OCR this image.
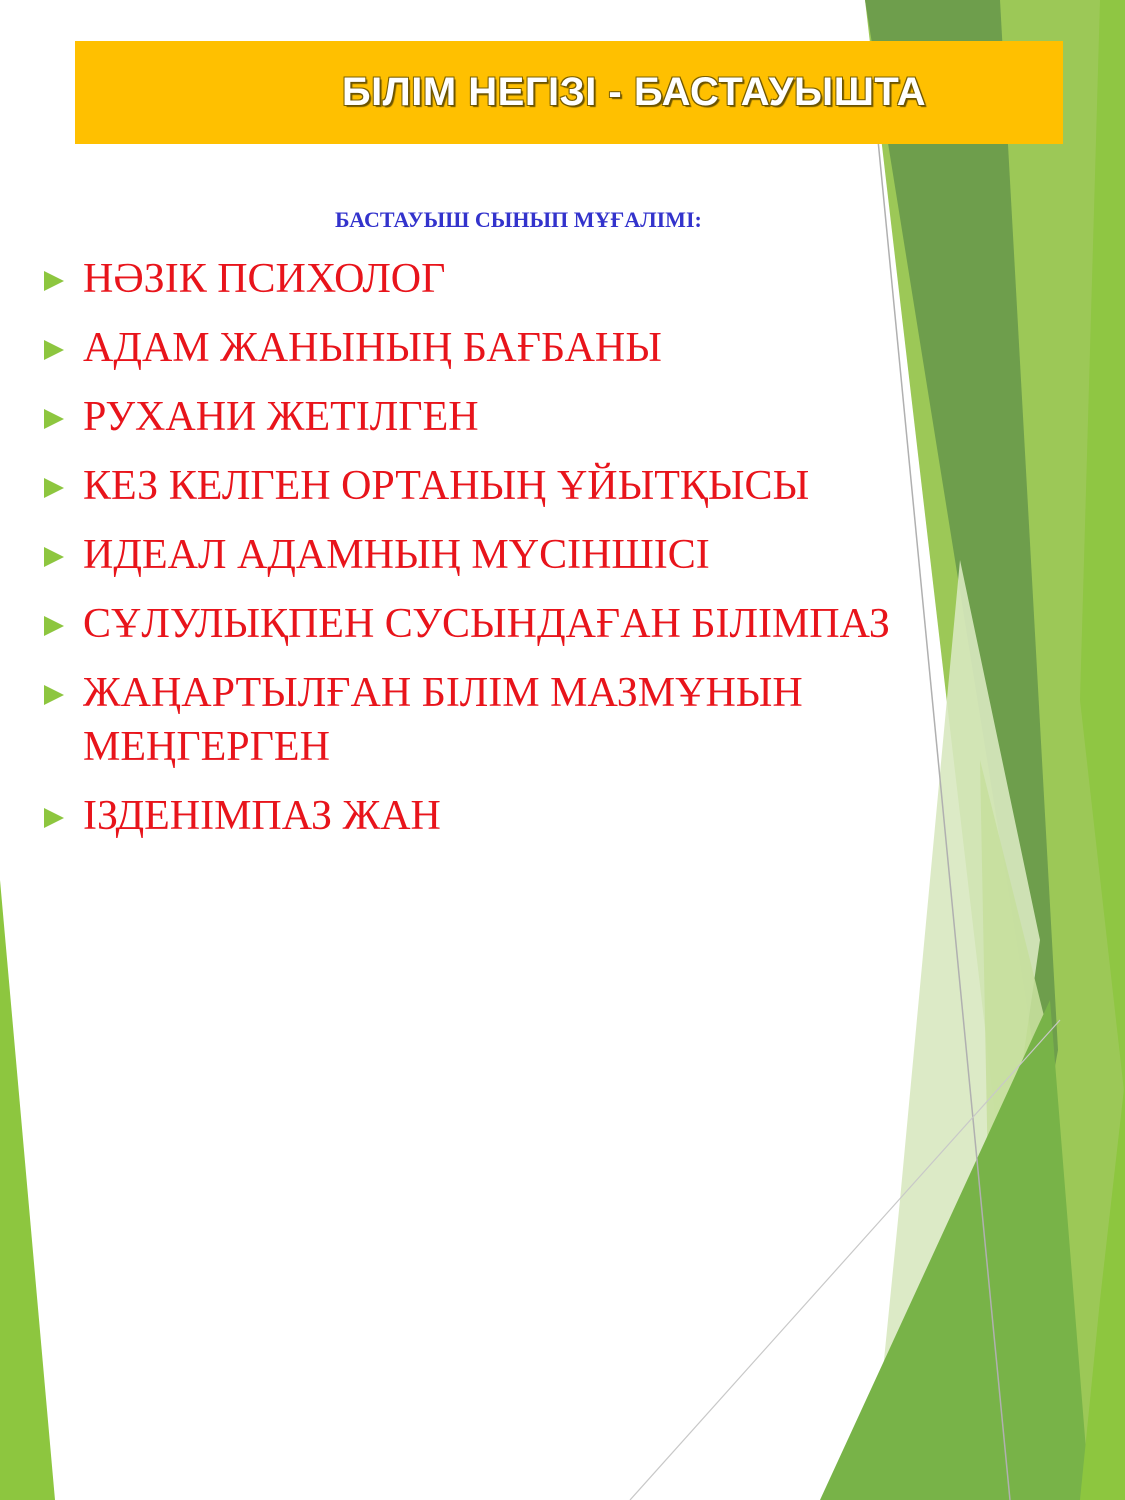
БІЛІМ НЕГІЗІ - БАСТАУЫШТА
БАСТАУЫШ СЫНЫП МҰҒАЛІМІ:
НӘЗІК ПСИХОЛОГ
АДАМ ЖАНЫНЫҢ БАҒБАНЫ
РУХАНИ ЖЕТІЛГЕН
КЕЗ КЕЛГЕН ОРТАНЫҢ ҰЙЫТҚЫСЫ
ИДЕАЛ АДАМНЫҢ МҮСІНШІСІ
СҰЛУЛЫҚПЕН СУСЫНДАҒАН БІЛІМПАЗ
ЖАҢАРТЫЛҒАН БІЛІМ МАЗМҰНЫН МЕҢГЕРГЕН
ІЗДЕНІМПАЗ ЖАН
